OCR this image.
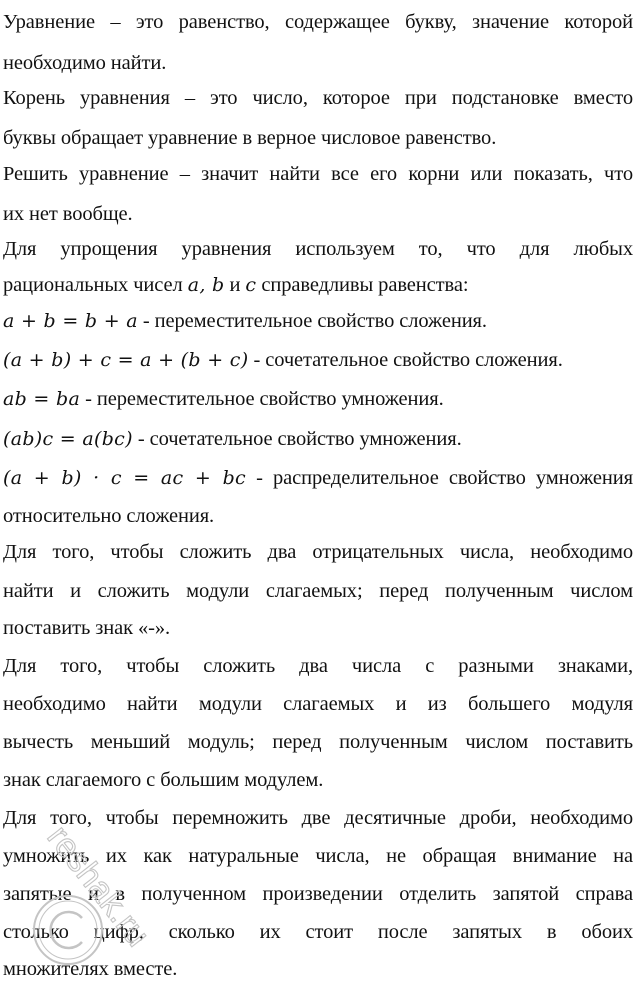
Уравнение – это равенство, содержащее букву, значение которой
необходимо найти.
Корень уравнения – это число, которое при подстановке вместо
буквы обращает уравнение в верное числовое равенство.
Решить уравнение – значит найти все его корни или показать, что
их нет вообще.
Для упрощения уравнения используем то, что для любых
рациональных чисел a, b и c справедливы равенства:
a + b = b + a - переместительное свойство сложения.
(a + b) + c = a + (b + c) - сочетательное свойство сложения.
ab = ba - переместительное свойство умножения.
(ab)c = a(bc) - сочетательное свойство умножения.
(a + b) · c = ac + bc - распределительное свойство умножения
относительно сложения.
Для того, чтобы сложить два отрицательных числа, необходимо
найти и сложить модули слагаемых; перед полученным числом
поставить знак «-».
Для того, чтобы сложить два числа с разными знаками,
необходимо найти модули слагаемых и из большего модуля
вычесть меньший модуль; перед полученным числом поставить
знак слагаемого с большим модулем.
Для того, чтобы перемножить две десятичные дроби, необходимо
умножить их как натуральные числа, не обращая внимание на
запятые и в полученном произведении отделить запятой справа
столько цифр, сколько их стоит после запятых в обоих
множителях вместе.
reshak.ru
